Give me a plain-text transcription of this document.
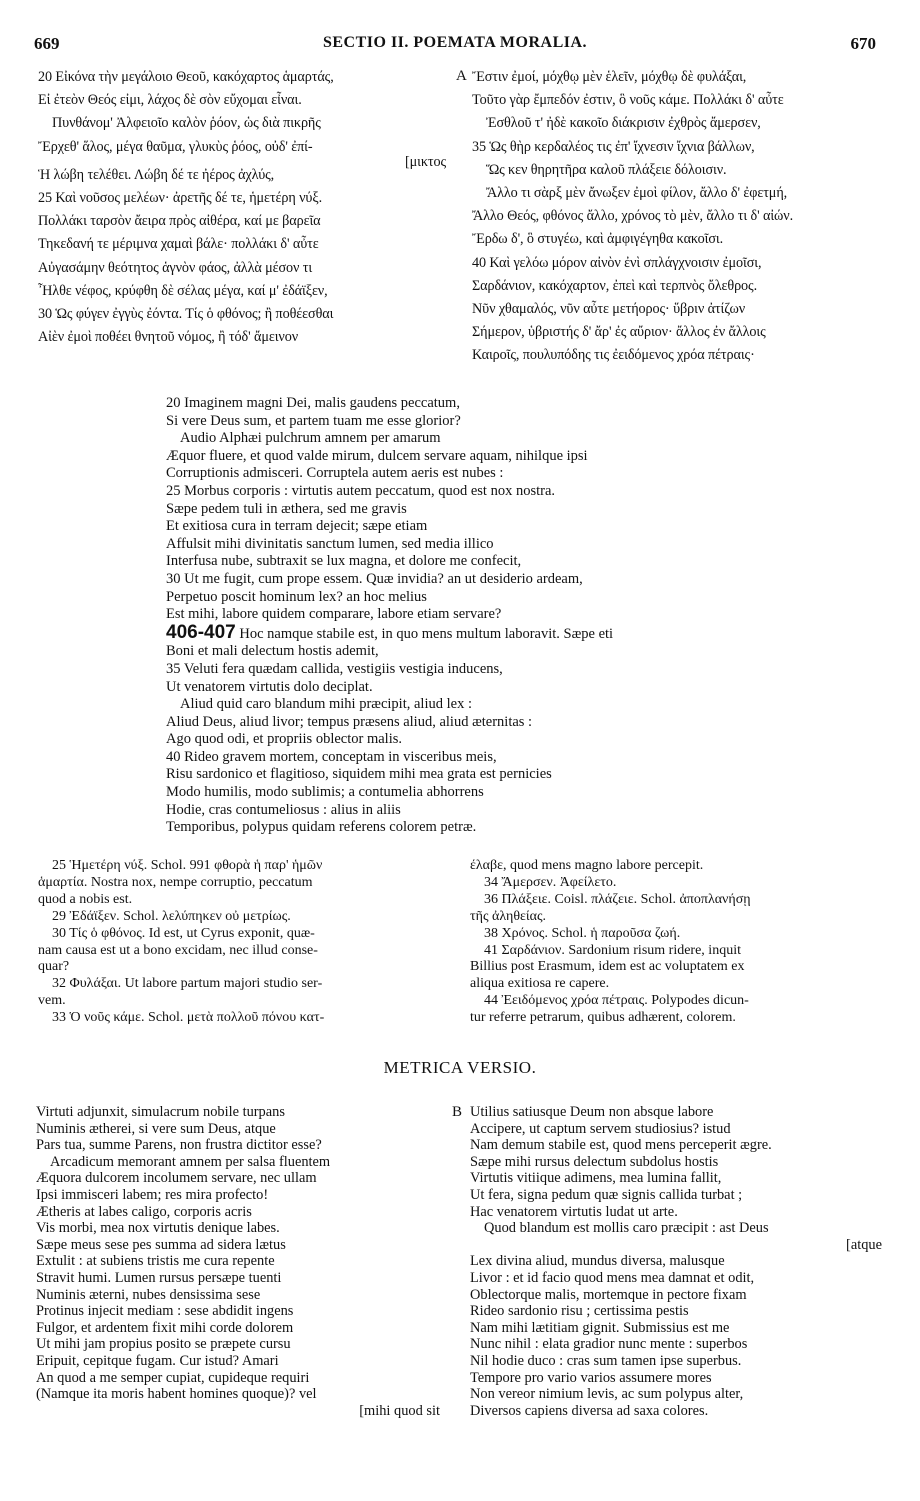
669	SECTIO II. POEMATA MORALIA.	670
20 Εἰκόνα τὴν μεγάλοιο Θεοῦ, κακόχαρτος ἁμαρτάς,
Εἰ ἐτεὸν Θεός εἰμι, λάχος δὲ σὸν εὔχομαι εἶναι.
Πυνθάνομ' Ἀλφειοῖο καλὸν ῥόον, ὡς διὰ πικρῆς
Ἔρχεθ' ἅλος, μέγα θαῦμα, γλυκὺς ῥόος, οὐδ' ἐπί-
[μικτος
Ἡ λώβη τελέθει. Λώβη δέ τε ἠέρος ἀχλύς,
25 Καὶ νοῦσος μελέων· ἀρετῆς δέ τε, ἡμετέρη νύξ.
Πολλάκι ταρσὸν ἄειρα πρὸς αἰθέρα, καί με βαρεῖα
Τηκεδανή τε μέριμνα χαμαὶ βάλε· πολλάκι δ' αὖτε
Αὐγασάμην θεότητος ἁγνὸν φάος, ἀλλὰ μέσον τι
Ἦλθε νέφος, κρύφθη δὲ σέλας μέγα, καί μ' ἐδάϊξεν,
30 Ὡς φύγεν ἐγγὺς ἐόντα. Τίς ὁ φθόνος; ἢ ποθέεσθαι
Αἰὲν ἐμοὶ ποθέει θνητοῦ νόμος, ἢ τόδ' ἄμεινον
A Ἔστιν ἐμοί, μόχθῳ μὲν ἑλεῖν, μόχθῳ δὲ φυλάξαι,
Τοῦτο γὰρ ἔμπεδόν ἐστιν, ὃ νοῦς κάμε. Πολλάκι δ' αὖτε
Ἐσθλοῦ τ' ἠδὲ κακοῖο διάκρισιν ἐχθρὸς ἄμερσεν,
35 Ὡς θὴρ κερδαλέος τις ἐπ' ἴχνεσιν ἴχνια βάλλων,
Ὥς κεν θηρητῆρα καλοῦ πλάξειε δόλοισιν.
Ἄλλο τι σὰρξ μὲν ἄνωξεν ἐμοὶ φίλον, ἄλλο δ' ἐφετμή,
Ἄλλο Θεός, φθόνος ἄλλο, χρόνος τὸ μὲν, ἄλλο τι δ' αἰών.
Ἔρδω δ', ὃ στυγέω, καὶ ἀμφιγέγηθα κακοῖσι.
40 Καὶ γελόω μόρον αἰνὸν ἐνὶ σπλάγχνοισιν ἐμοῖσι,
Σαρδάνιον, κακόχαρτον, ἐπεὶ καὶ τερπνὸς ὄλεθρος.
Νῦν χθαμαλός, νῦν αὖτε μετήορος· ὕβριν ἀτίζων
Σήμερον, ὑβριστής δ' ἄρ' ἐς αὔριον· ἄλλος ἐν ἄλλοις
Καιροῖς, πουλυπόδης τις ἐειδόμενος χρόα πέτραις·
20 Imaginem magni Dei, malis gaudens peccatum,
Si vere Deus sum, et partem tuam me esse glorior?
Audio Alphæi pulchrum amnem per amarum
Æquor fluere, et quod valde mirum, dulcem servare aquam, nihilque ipsi
Corruptionis admisceri. Corruptela autem aeris est nubes :
25 Morbus corporis : virtutis autem peccatum, quod est nox nostra.
Sæpe pedem tuli in æthera, sed me gravis
Et exitiosa cura in terram dejecit; sæpe etiam
Affulsit mihi divinitatis sanctum lumen, sed media illico
Interfusa nube, subtraxit se lux magna, et dolore me confecit,
30 Ut me fugit, cum prope essem. Quæ invidia? an ut desiderio ardeam,
Perpetuo poscit hominum lex? an hoc melius
Est mihi, labore quidem comparare, labore etiam servare?
406-407 Hoc namque stabile est, in quo mens multum laboravit. Sæpe eti
Boni et mali delectum hostis ademit,
35 Veluti fera quædam callida, vestigiis vestigia inducens,
Ut venatorem virtutis dolo deciplat.
Aliud quid caro blandum mihi præcipit, aliud lex :
Aliud Deus, aliud livor; tempus præsens aliud, aliud æternitas :
Ago quod odi, et propriis oblector malis.
40 Rideo gravem mortem, conceptam in visceribus meis,
Risu sardonico et flagitioso, siquidem mihi mea grata est pernicies
Modo humilis, modo sublimis; a contumelia abhorrens
Hodie, cras contumeliosus : alius in aliis
Temporibus, polypus quidam referens colorem petræ.
25 Ἡμετέρη νύξ. Schol. 991 φθορὰ ἡ παρ' ἡμῶν
ἁμαρτία. Nostra nox, nempe corruptio, peccatum
quod a nobis est.
29 Ἐδάϊξεν. Schol. λελύπηκεν οὐ μετρίως.
30 Τίς ὁ φθόνος. Id est, ut Cyrus exponit, quæ-
nam causa est ut a bono excidam, nec illud conse-
quar?
32 Φυλάξαι. Ut labore partum majori studio ser-
vem.
33 Ὁ νοῦς κάμε. Schol. μετὰ πολλοῦ πόνου κατ-
έλαβε, quod mens magno labore percepit.
34 Ἄμερσεν. Ἀφείλετο.
36 Πλάξειε. Coisl. πλάζειε. Schol. ἀποπλανήσῃ
τῆς ἀληθείας.
38 Χρόνος. Schol. ἡ παροῦσα ζωή.
41 Σαρδάνιον. Sardonium risum ridere, inquit
Billius post Erasmum, idem est ac voluptatem ex
aliqua exitiosa re capere.
44 Ἐειδόμενος χρόα πέτραις. Polypodes dicun-
tur referre petrarum, quibus adhærent, colorem.
METRICA VERSIO.
Virtuti adjunxit, simulacrum nobile turpans
Numinis ætherei, si vere sum Deus, atque
Pars tua, summe Parens, non frustra dictitor esse?
Arcadicum memorant amnem per salsa fluentem
Æquora dulcorem incolumem servare, nec ullam
Ipsi immisceri labem; res mira profecto!
Ætheris at labes caligo, corporis acris
Vis morbi, mea nox virtutis denique labes.
Sæpe meus sese pes summa ad sidera lætus
Extulit : at subiens tristis me cura repente
Stravit humi. Lumen rursus persæpe tuenti
Numinis æterni, nubes densissima sese
Protinus injecit mediam : sese abdidit ingens
Fulgor, et ardentem fixit mihi corde dolorem
Ut mihi jam propius posito se præpete cursu
Eripuit, cepitque fugam. Cur istud? Amari
An quod a me semper cupiat, cupideque requiri
(Namque ita moris habent homines quoque)? vel
[mihi quod sit
B Utilius satiusque Deum non absque labore
Accipere, ut captum servem studiosius? istud
Nam demum stabile est, quod mens perceperit ægre.
Sæpe mihi rursus delectum subdolus hostis
Virtutis vitiique adimens, mea lumina fallit,
Ut fera, signa pedum quæ signis callida turbat ;
Hac venatorem virtutis ludat ut arte.
Quod blandum est mollis caro præcipit : ast Deus
[atque
Lex divina aliud, mundus diversa, malusque
Livor : et id facio quod mens mea damnat et odit,
Oblectorque malis, mortemque in pectore fixam
Rideo sardonio risu ; certissima pestis
Nam mihi lætitiam gignit. Submissius est me
Nunc nihil : elata gradior nunc mente : superbos
Nil hodie duco : cras sum tamen ipse superbus.
Tempore pro vario varios assumere mores
Non vereor nimium levis, ac sum polypus alter,
Diversos capiens diversa ad saxa colores.
